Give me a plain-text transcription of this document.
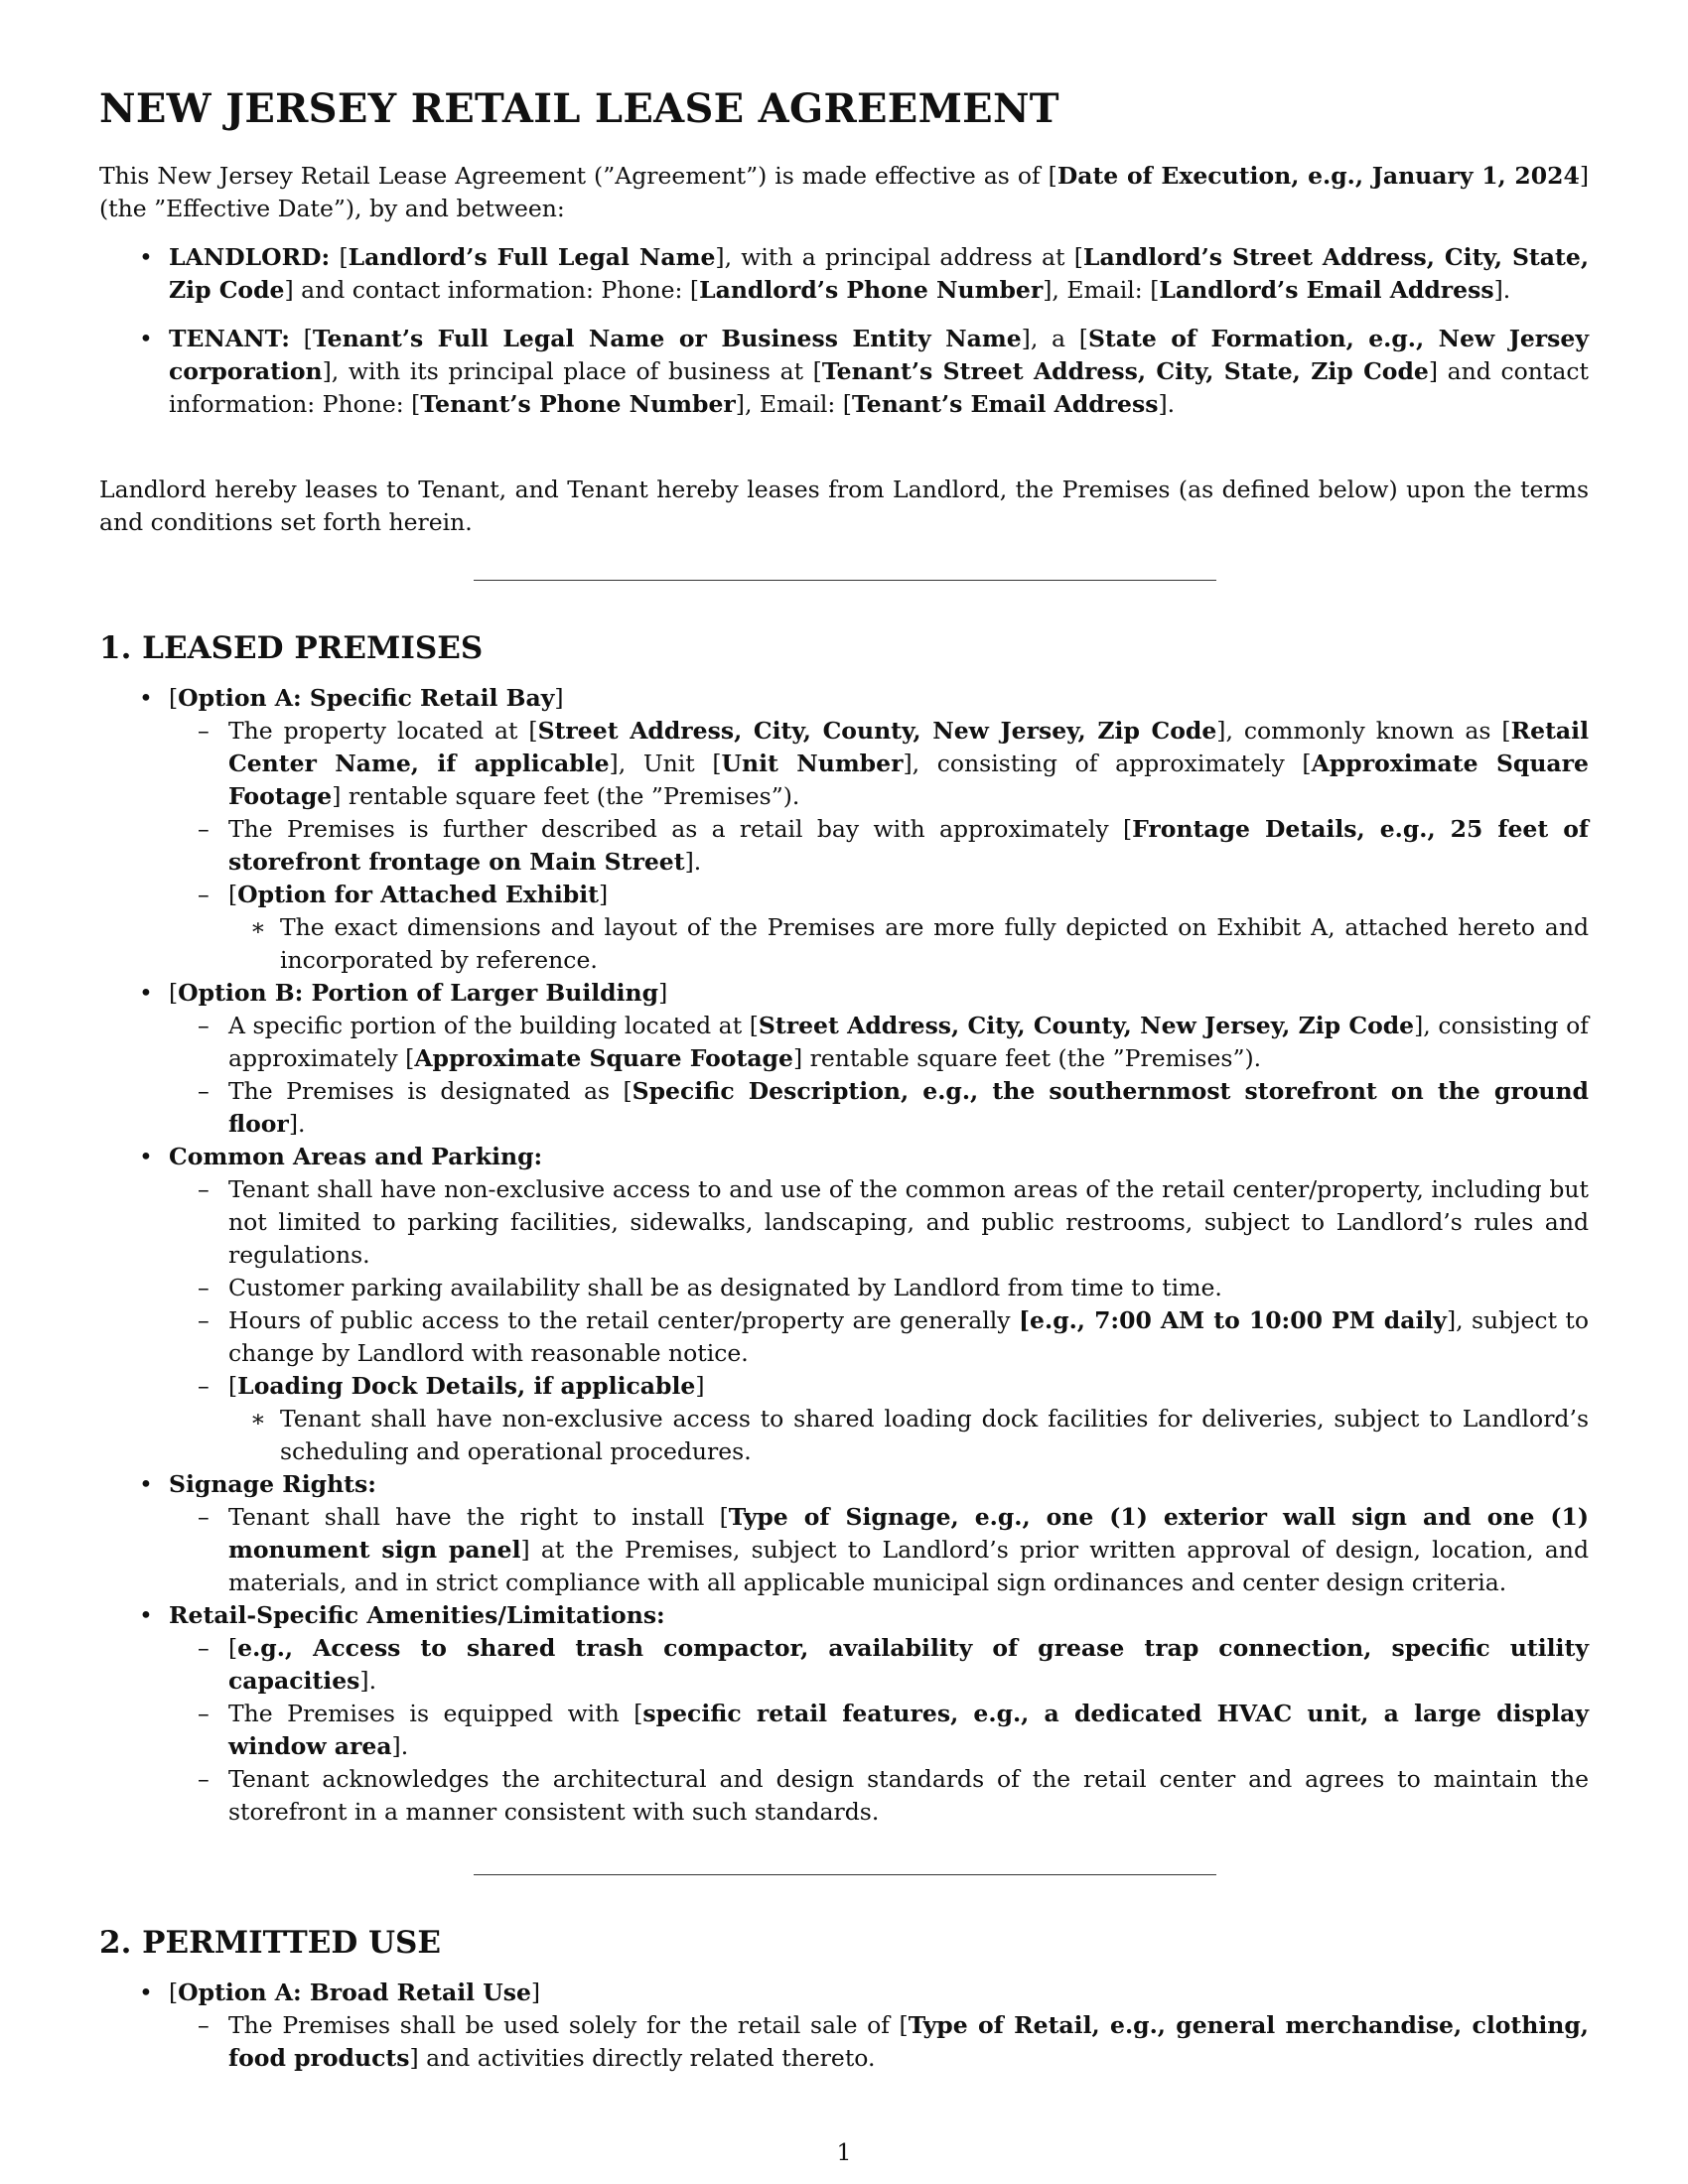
NEW JERSEY RETAIL LEASE AGREEMENT

This New Jersey Retail Lease Agreement (”Agreement”) is made effective as of [Date of Execution, e.g., January 1, 2024] (the ”Effective Date”), by and between:

• LANDLORD: [Landlord’s Full Legal Name], with a principal address at [Landlord’s Street Address, City, State, Zip Code] and contact information: Phone: [Landlord’s Phone Number], Email: [Landlord’s Email Address].
• TENANT: [Tenant’s Full Legal Name or Business Entity Name], a [State of Formation, e.g., New Jersey corporation], with its principal place of business at [Tenant’s Street Address, City, State, Zip Code] and contact information: Phone: [Tenant’s Phone Number], Email: [Tenant’s Email Address].

Landlord hereby leases to Tenant, and Tenant hereby leases from Landlord, the Premises (as defined below) upon the terms and conditions set forth herein.

1. LEASED PREMISES
• [Option A: Specific Retail Bay]
– The property located at [Street Address, City, County, New Jersey, Zip Code], commonly known as [Retail Center Name, if applicable], Unit [Unit Number], consisting of approximately [Approximate Square Footage] rentable square feet (the ”Premises”).
– The Premises is further described as a retail bay with approximately [Frontage Details, e.g., 25 feet of storefront frontage on Main Street].
– [Option for Attached Exhibit]
∗ The exact dimensions and layout of the Premises are more fully depicted on Exhibit A, attached hereto and incorporated by reference.
• [Option B: Portion of Larger Building]
– A specific portion of the building located at [Street Address, City, County, New Jersey, Zip Code], consisting of approximately [Approximate Square Footage] rentable square feet (the ”Premises”).
– The Premises is designated as [Specific Description, e.g., the southernmost storefront on the ground floor].
• Common Areas and Parking:
– Tenant shall have non-exclusive access to and use of the common areas of the retail center/property, including but not limited to parking facilities, sidewalks, landscaping, and public restrooms, subject to Landlord’s rules and regulations.
– Customer parking availability shall be as designated by Landlord from time to time.
– Hours of public access to the retail center/property are generally [e.g., 7:00 AM to 10:00 PM daily], subject to change by Landlord with reasonable notice.
– [Loading Dock Details, if applicable]
∗ Tenant shall have non-exclusive access to shared loading dock facilities for deliveries, subject to Landlord’s scheduling and operational procedures.
• Signage Rights:
– Tenant shall have the right to install [Type of Signage, e.g., one (1) exterior wall sign and one (1) monument sign panel] at the Premises, subject to Landlord’s prior written approval of design, location, and materials, and in strict compliance with all applicable municipal sign ordinances and center design criteria.
• Retail-Specific Amenities/Limitations:
– [e.g., Access to shared trash compactor, availability of grease trap connection, specific utility capacities].
– The Premises is equipped with [specific retail features, e.g., a dedicated HVAC unit, a large display window area].
– Tenant acknowledges the architectural and design standards of the retail center and agrees to maintain the storefront in a manner consistent with such standards.
2. PERMITTED USE
• [Option A: Broad Retail Use]
– The Premises shall be used solely for the retail sale of [Type of Retail, e.g., general merchandise, clothing, food products] and activities directly related thereto.
1
